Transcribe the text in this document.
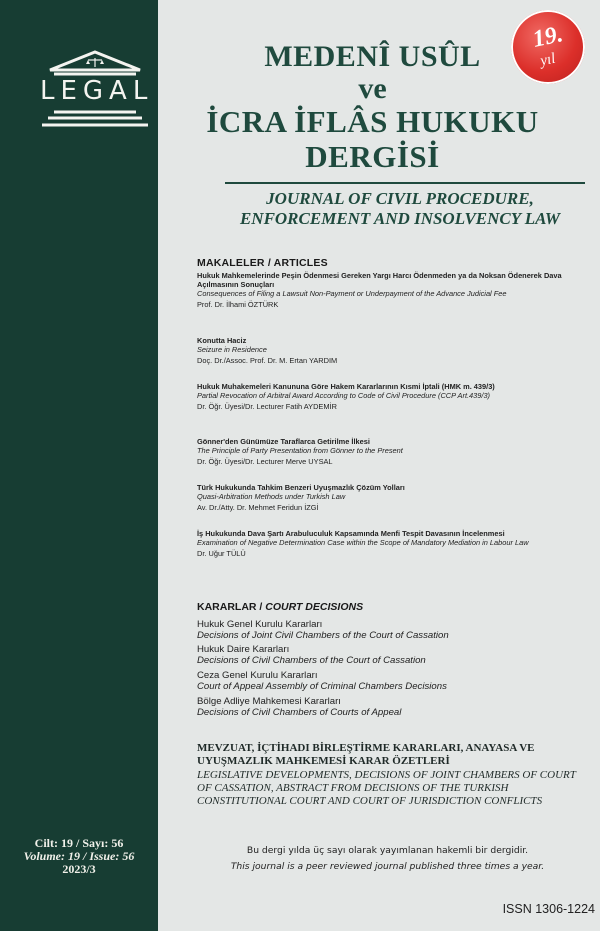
LEGAL
Cilt: 19 / Sayı: 56
Volume: 19 / Issue: 56
2023/3
19.
yıl
MEDENÎ USÛL
ve
İCRA İFLÂS HUKUKU
DERGİSİ
JOURNAL OF CIVIL PROCEDURE,
ENFORCEMENT AND INSOLVENCY LAW
MAKALELER / ARTICLES
Hukuk Mahkemelerinde Peşin Ödenmesi Gereken Yargı Harcı Ödenmeden ya da Noksan Ödenerek Dava Açılmasının Sonuçları
Consequences of Filing a Lawsuit Non-Payment or Underpayment of the Advance Judicial Fee
Prof. Dr. İlhami ÖZTÜRK
Konutta Haciz
Seizure in Residence
Doç. Dr./Assoc. Prof. Dr. M. Ertan YARDIM
Hukuk Muhakemeleri Kanununa Göre Hakem Kararlarının Kısmi İptali (HMK m. 439/3)
Partial Revocation of Arbitral Award According to Code of Civil Procedure (CCP Art.439/3)
Dr. Öğr. Üyesi/Dr. Lecturer Fatih AYDEMİR
Gönner'den Günümüze Taraflarca Getirilme İlkesi
The Principle of Party Presentation from Gönner to the Present
Dr. Öğr. Üyesi/Dr. Lecturer Merve UYSAL
Türk Hukukunda Tahkim Benzeri Uyuşmazlık Çözüm Yolları
Quasi-Arbitration Methods under Turkish Law
Av. Dr./Atty. Dr. Mehmet Feridun İZGİ
İş Hukukunda Dava Şartı Arabuluculuk Kapsamında Menfi Tespit Davasının İncelenmesi
Examination of Negative Determination Case within the Scope of Mandatory Mediation in Labour Law
Dr. Uğur TÜLÜ
KARARLAR / COURT DECISIONS
Hukuk Genel Kurulu Kararları
Decisions of Joint Civil Chambers of the Court of Cassation
Hukuk Daire Kararları
Decisions of Civil Chambers of the Court of Cassation
Ceza Genel Kurulu Kararları
Court of Appeal Assembly of Criminal Chambers Decisions
Bölge Adliye Mahkemesi Kararları
Decisions of Civil Chambers of Courts of Appeal
MEVZUAT, İÇTİHADI BİRLEŞTİRME KARARLARI, ANAYASA VE UYUŞMAZLIK MAHKEMESİ KARAR ÖZETLERİ
LEGISLATIVE DEVELOPMENTS, DECISIONS OF JOINT CHAMBERS OF COURT OF CASSATION, ABSTRACT FROM DECISIONS OF THE TURKISH CONSTITUTIONAL COURT AND COURT OF JURISDICTION CONFLICTS
Bu dergi yılda üç sayı olarak yayımlanan hakemli bir dergidir.
This journal is a peer reviewed journal published three times a year.
ISSN 1306-1224
